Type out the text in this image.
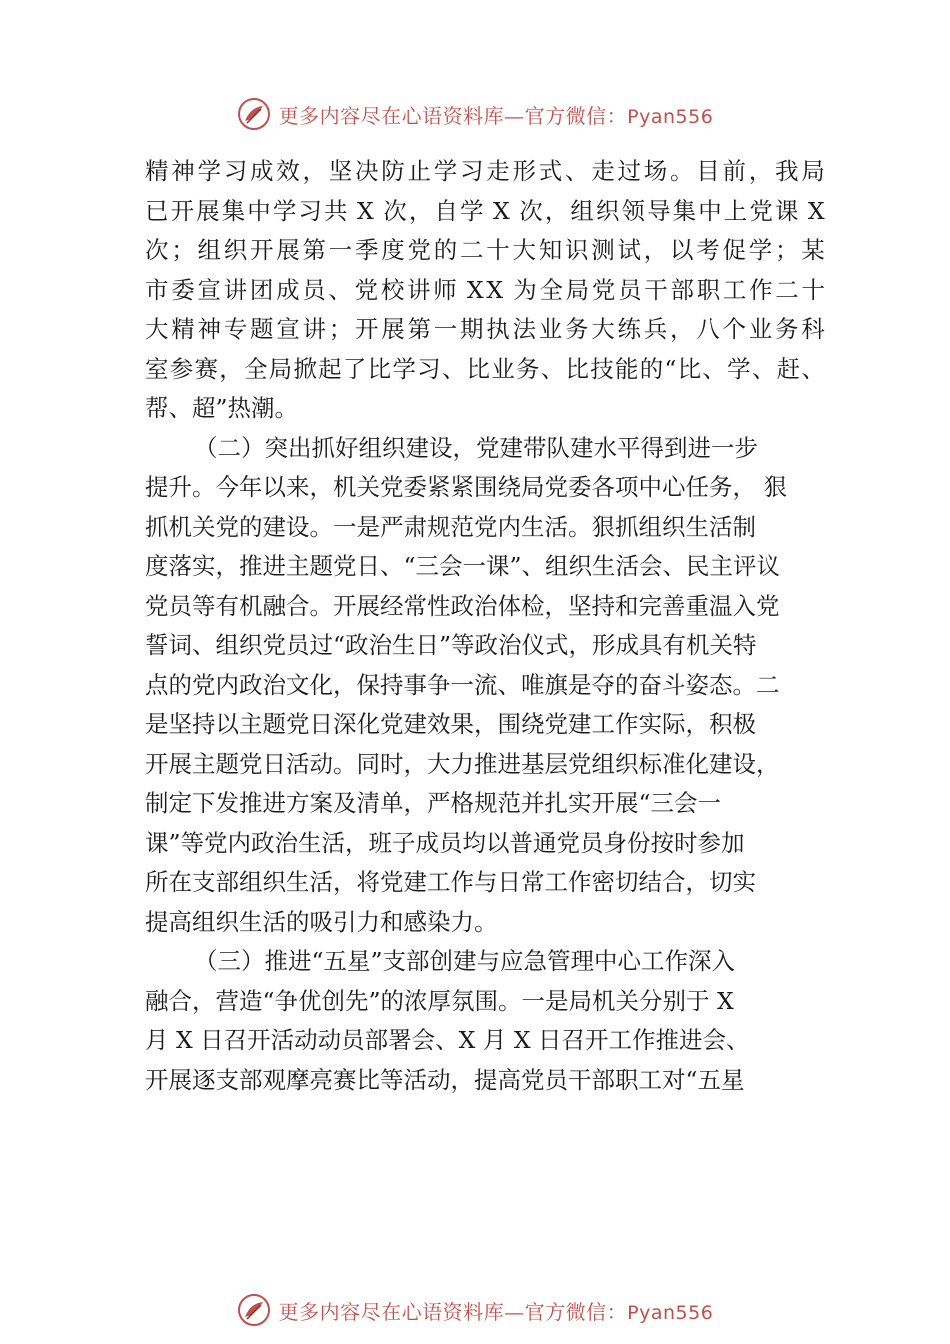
更多内容尽在心语资料库—官方微信：Pyan556
精 神 学 习 成 效 ， 坚 决 防 止 学 习 走 形 式 、 走 过 场 。 目 前 ， 我 局
已 开 展 集 中 学 习 共 X 次 ， 自 学 X 次 ， 组 织 领 导 集 中 上 党 课 X
次 ； 组 织 开 展 第 一 季 度 党 的 二 十 大 知 识 测 试 ， 以 考 促 学 ； 某
市 委 宣 讲 团 成 员 、 党 校 讲 师 X X 为 全 局 党 员 干 部 职 工 作 二 十
大 精 神 专 题 宣 讲 ； 开 展 第 一 期 执 法 业 务 大 练 兵 ， 八 个 业 务 科
室 参 赛 ， 全 局 掀 起 了 比 学 习 、 比 业 务 、 比 技 能 的 “ 比 、 学 、 赶 、
帮、超”热潮。
（二）突出抓好组织建设，党建带队建水平得到进一步
提升。今年以来，机关党委紧紧围绕局党委各项中心任务， 狠
抓机关党的建设。一是严肃规范党内生活。狠抓组织生活制
度落实，推进主题党日、“三会一课”、组织生活会、民主评议
党员等有机融合。开展经常性政治体检，坚持和完善重温入党
誓词、组织党员过“政治生日”等政治仪式，形成具有机关特
点的党内政治文化，保持事争一流、唯旗是夺的奋斗姿态。二
是坚持以主题党日深化党建效果，围绕党建工作实际，积极
开展主题党日活动。同时，大力推进基层党组织标准化建设，
制定下发推进方案及清单，严格规范并扎实开展“三会一
课”等党内政治生活，班子成员均以普通党员身份按时参加
所在支部组织生活，将党建工作与日常工作密切结合，切实
提高组织生活的吸引力和感染力。
（三）推进“五星”支部创建与应急管理中心工作深入
融合，营造“争优创先”的浓厚氛围。一是局机关分别于 X
月 X 日召开活动动员部署会、X 月 X 日召开工作推进会、
开展逐支部观摩亮赛比等活动，提高党员干部职工对“五星
更多内容尽在心语资料库—官方微信：Pyan556
